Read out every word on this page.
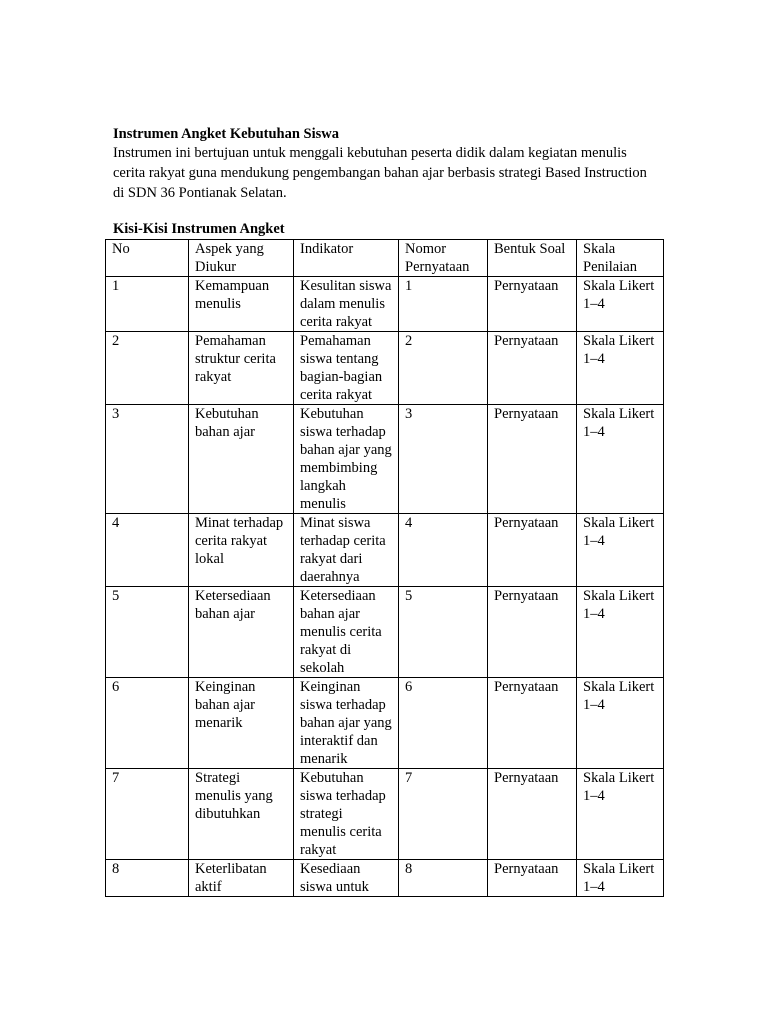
Instrumen Angket Kebutuhan Siswa

Instrumen ini bertujuan untuk menggali kebutuhan peserta didik dalam kegiatan menulis cerita rakyat guna mendukung pengembangan bahan ajar berbasis strategi Based Instruction di SDN 36 Pontianak Selatan.

Kisi-Kisi Instrumen Angket

No	Aspek yang Diukur	Indikator	Nomor Pernyataan	Bentuk Soal	Skala Penilaian
1	Kemampuan menulis	Kesulitan siswa dalam menulis cerita rakyat	1	Pernyataan	Skala Likert 1–4
2	Pemahaman struktur cerita rakyat	Pemahaman siswa tentang bagian-bagian cerita rakyat	2	Pernyataan	Skala Likert 1–4
3	Kebutuhan bahan ajar	Kebutuhan siswa terhadap bahan ajar yang membimbing langkah menulis	3	Pernyataan	Skala Likert 1–4
4	Minat terhadap cerita rakyat lokal	Minat siswa terhadap cerita rakyat dari daerahnya	4	Pernyataan	Skala Likert 1–4
5	Ketersediaan bahan ajar	Ketersediaan bahan ajar menulis cerita rakyat di sekolah	5	Pernyataan	Skala Likert 1–4
6	Keinginan bahan ajar menarik	Keinginan siswa terhadap bahan ajar yang interaktif dan menarik	6	Pernyataan	Skala Likert 1–4
7	Strategi menulis yang dibutuhkan	Kebutuhan siswa terhadap strategi menulis cerita rakyat	7	Pernyataan	Skala Likert 1–4
8	Keterlibatan aktif	Kesediaan siswa untuk	8	Pernyataan	Skala Likert 1–4
